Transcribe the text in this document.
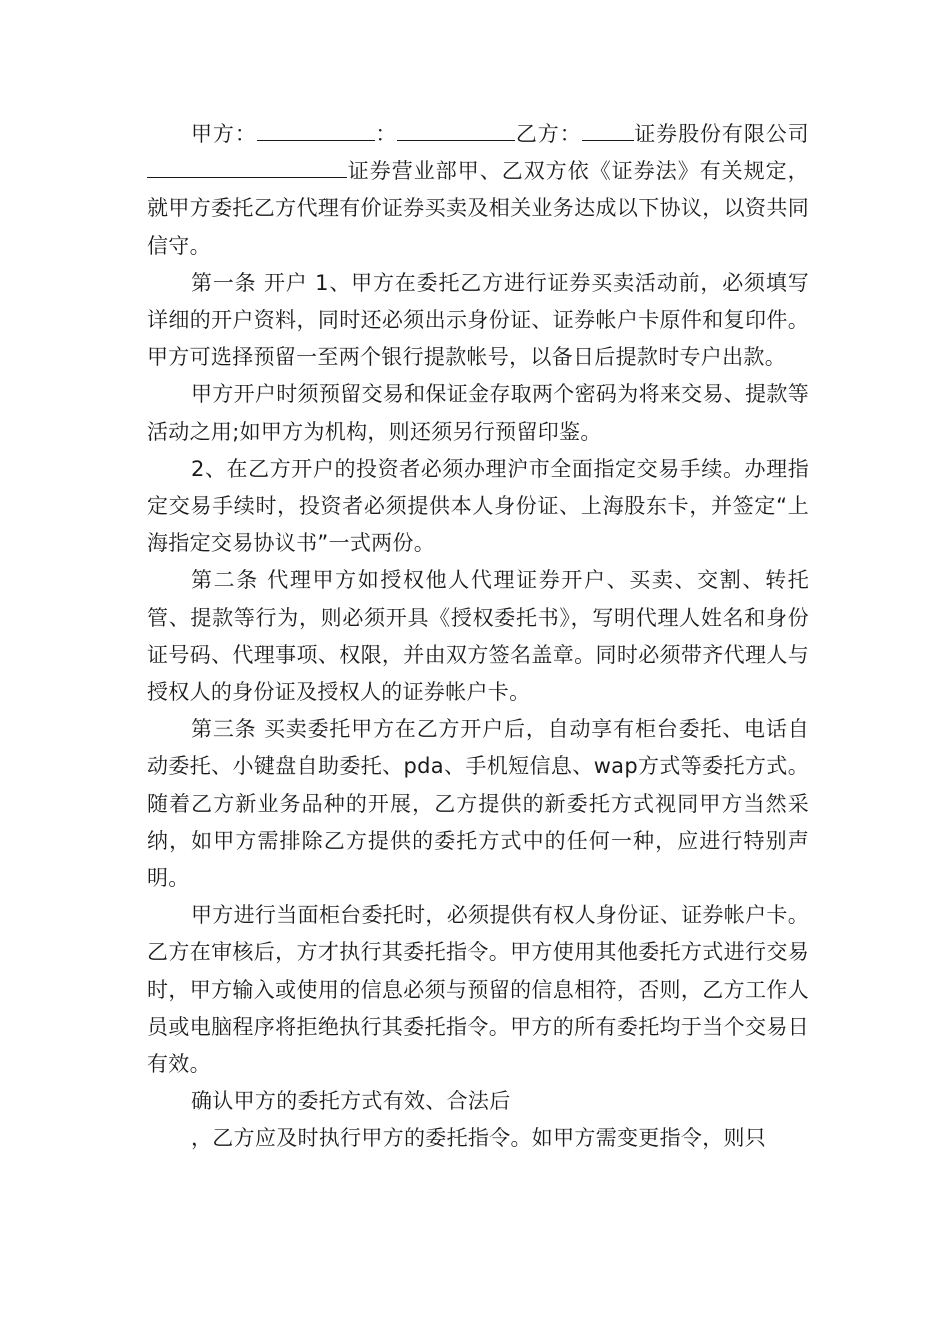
甲方：	：	乙方： 证券股份有限公司证券营业部甲、乙双方依《证券法》有关规定，就甲方委托乙方代理有价证券买卖及相关业务达成以下协议，以资共同信守。

第一条 开户 1、甲方在委托乙方进行证券买卖活动前，必须填写详细的开户资料，同时还必须出示身份证、证券帐户卡原件和复印件。甲方可选择预留一至两个银行提款帐号，以备日后提款时专户出款。

甲方开户时须预留交易和保证金存取两个密码为将来交易、提款等活动之用;如甲方为机构，则还须另行预留印鉴。

2、在乙方开户的投资者必须办理沪市全面指定交易手续。办理指定交易手续时，投资者必须提供本人身份证、上海股东卡，并签定“上海指定交易协议书”一式两份。

第二条 代理甲方如授权他人代理证券开户、买卖、交割、转托管、提款等行为，则必须开具《授权委托书》，写明代理人姓名和身份证号码、代理事项、权限，并由双方签名盖章。同时必须带齐代理人与授权人的身份证及授权人的证券帐户卡。

第三条 买卖委托甲方在乙方开户后，自动享有柜台委托、电话自动委托、小键盘自助委托、pda、手机短信息、wap方式等委托方式。随着乙方新业务品种的开展，乙方提供的新委托方式视同甲方当然采纳，如甲方需排除乙方提供的委托方式中的任何一种，应进行特别声明。

甲方进行当面柜台委托时，必须提供有权人身份证、证券帐户卡。乙方在审核后，方才执行其委托指令。甲方使用其他委托方式进行交易时，甲方输入或使用的信息必须与预留的信息相符，否则，乙方工作人员或电脑程序将拒绝执行其委托指令。甲方的所有委托均于当个交易日有效。

确认甲方的委托方式有效、合法后

，乙方应及时执行甲方的委托指令。如甲方需变更指令，则只
